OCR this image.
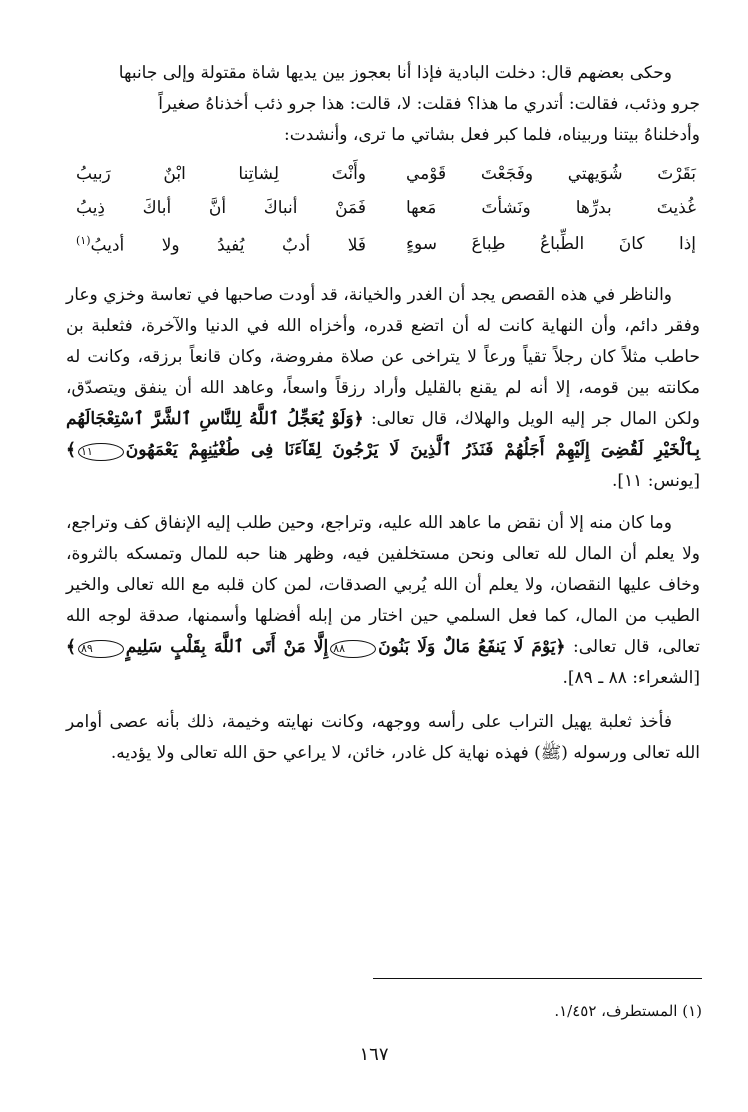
وحكى بعضهم قال: دخلت البادية فإذا أنا بعجوز بين يديها شاة مقتولة وإلى جانبها

جرو وذئب، فقالت: أتدري ما هذا؟ فقلت: لا، قالت: هذا جرو ذئب أخذناهُ صغيراً

وأدخلناهُ بيتنا وربيناه، فلما كبر فعل بشاتي ما ترى، وأنشدت:

بَقَرْتَ شُوَيهتي وفَجَعْتَ قَوْمي
وأَنْتَ لِشاتِنا ابْنٌ رَبيبُ
غُذيتَ بدرِّها ونَشأتَ مَعها
فَمَنْ أنباكَ أنَّ أباكَ ذِيبُ
إذا كانَ الطِّباعُ طِباعَ سوءٍ
فَلا أدبٌ يُفيدُ ولا أديبُ$^{(١)}$

والناظر في هذه القصص يجد أن الغدر والخيانة، قد أودت صاحبها في تعاسة وخزي وعار وفقر دائم، وأن النهاية كانت له أن اتضع قدره، وأخزاه الله في الدنيا والآخرة، فثعلبة بن حاطب مثلاً كان رجلاً تقياً ورعاً لا يتراخى عن صلاة مفروضة، وكان قانعاً برزقه، وكانت له مكانته بين قومه، إلا أنه لم يقنع بالقليل وأراد رزقاً واسعاً، وعاهد الله أن ينفق ويتصدّق، ولكن المال جر إليه الويل والهلاك، قال تعالى: ﴿وَلَوْ يُعَجِّلُ ٱللَّهُ لِلنَّاسِ ٱلشَّرَّ ٱسْتِعْجَالَهُم بِٱلْخَيْرِ لَقُضِىَ إِلَيْهِمْ أَجَلُهُمْ فَنَذَرُ ٱلَّذِينَ لَا يَرْجُونَ لِقَآءَنَا فِى طُغْيَٰنِهِمْ يَعْمَهُونَ١١﴾ [يونس: ١١].

وما كان منه إلا أن نقض ما عاهد الله عليه، وتراجع، وحين طلب إليه الإنفاق كف وتراجع، ولا يعلم أن المال لله تعالى ونحن مستخلفين فيه، وظهر هنا حبه للمال وتمسكه بالثروة، وخاف عليها النقصان، ولا يعلم أن الله يُربي الصدقات، لمن كان قلبه مع الله تعالى والخير الطيب من المال، كما فعل السلمي حين اختار من إبله أفضلها وأسمنها، صدقة لوجه الله تعالى، قال تعالى: ﴿يَوْمَ لَا يَنفَعُ مَالٌ وَلَا بَنُونَ٨٨إِلَّا مَنْ أَتَى ٱللَّهَ بِقَلْبٍ سَلِيمٍ٨٩﴾ [الشعراء: ٨٨ ـ ٨٩].

فأخذ ثعلبة يهيل التراب على رأسه ووجهه، وكانت نهايته وخيمة، ذلك بأنه عصى أوامر الله تعالى ورسوله (ﷺ) فهذه نهاية كل غادر، خائن، لا يراعي حق الله تعالى ولا يؤديه.

(١) المستطرف، ١/٤٥٢.
١٦٧
